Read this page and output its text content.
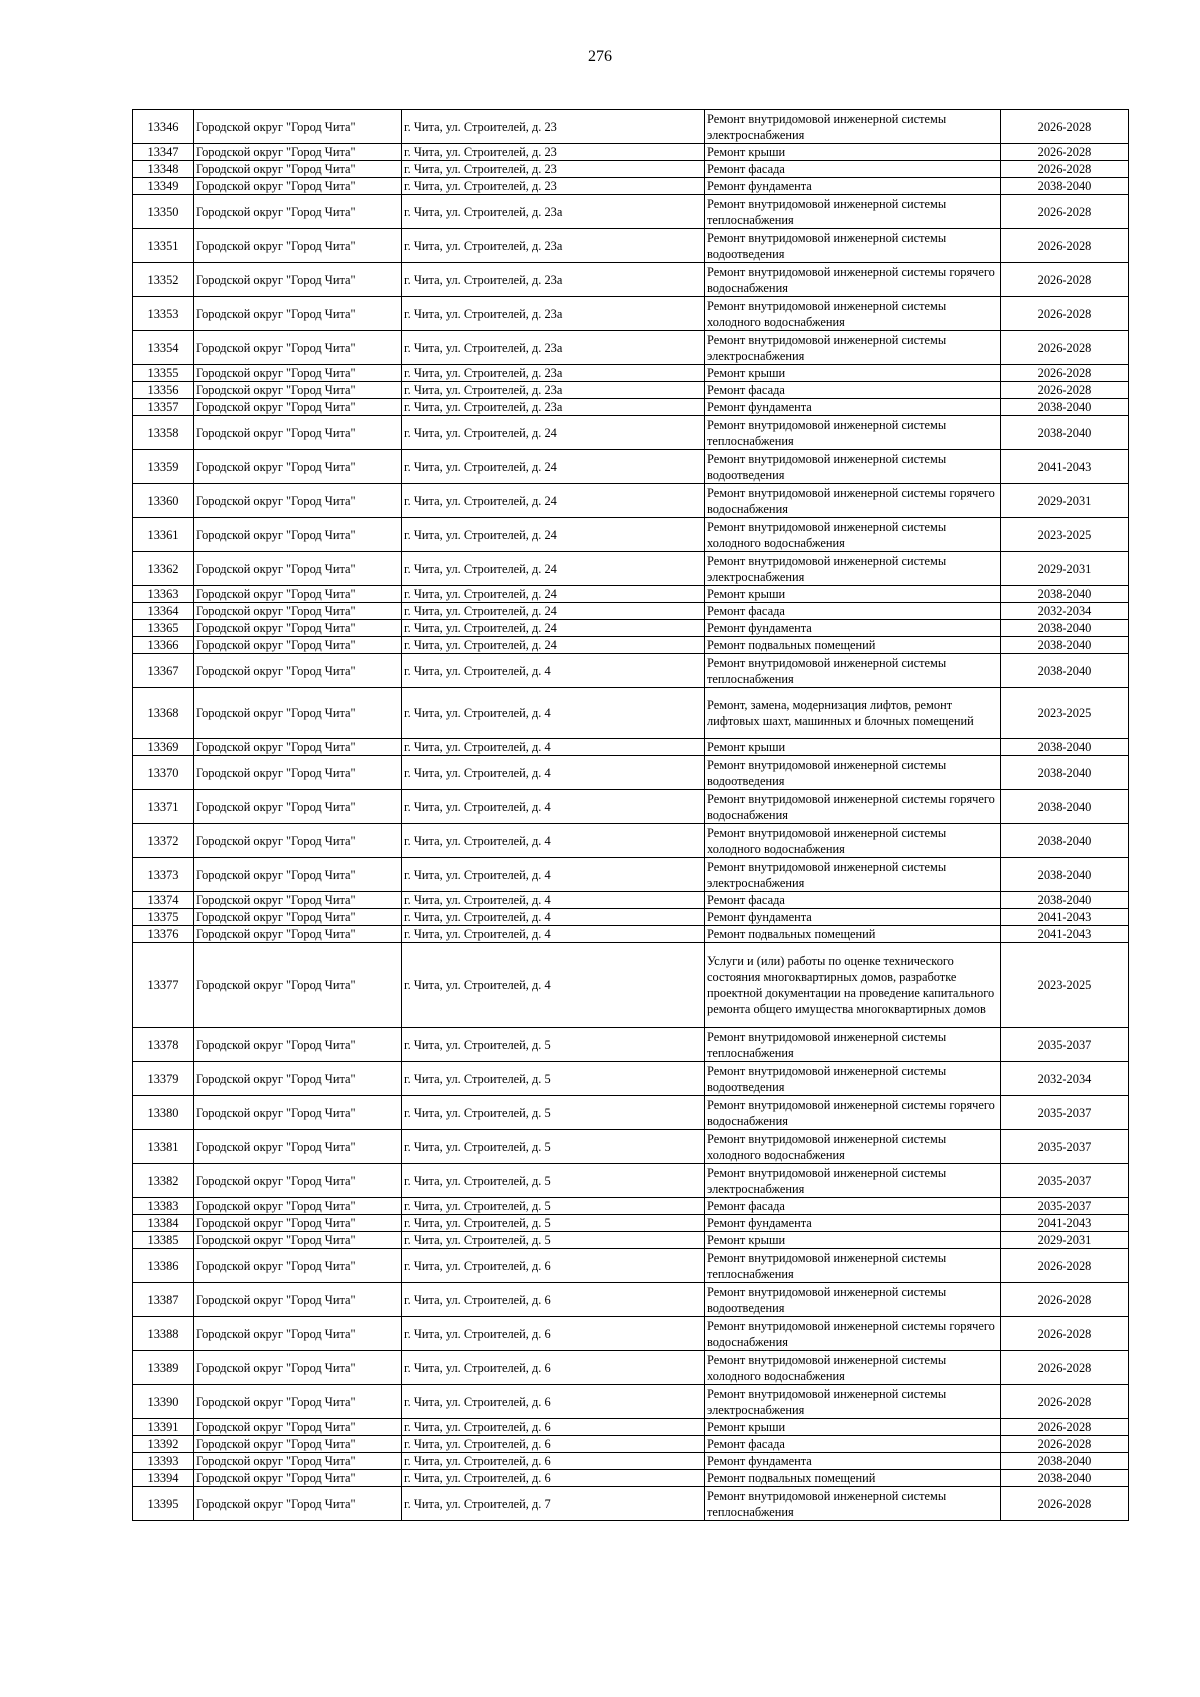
276
13346	Городской округ "Город Чита"	г. Чита, ул. Строителей, д. 23	Ремонт внутридомовой инженерной системы электроснабжения	2026-2028
13347	Городской округ "Город Чита"	г. Чита, ул. Строителей, д. 23	Ремонт крыши	2026-2028
13348	Городской округ "Город Чита"	г. Чита, ул. Строителей, д. 23	Ремонт фасада	2026-2028
13349	Городской округ "Город Чита"	г. Чита, ул. Строителей, д. 23	Ремонт фундамента	2038-2040
13350	Городской округ "Город Чита"	г. Чита, ул. Строителей, д. 23а	Ремонт внутридомовой инженерной системы теплоснабжения	2026-2028
13351	Городской округ "Город Чита"	г. Чита, ул. Строителей, д. 23а	Ремонт внутридомовой инженерной системы водоотведения	2026-2028
13352	Городской округ "Город Чита"	г. Чита, ул. Строителей, д. 23а	Ремонт внутридомовой инженерной системы горячего водоснабжения	2026-2028
13353	Городской округ "Город Чита"	г. Чита, ул. Строителей, д. 23а	Ремонт внутридомовой инженерной системы холодного водоснабжения	2026-2028
13354	Городской округ "Город Чита"	г. Чита, ул. Строителей, д. 23а	Ремонт внутридомовой инженерной системы электроснабжения	2026-2028
13355	Городской округ "Город Чита"	г. Чита, ул. Строителей, д. 23а	Ремонт крыши	2026-2028
13356	Городской округ "Город Чита"	г. Чита, ул. Строителей, д. 23а	Ремонт фасада	2026-2028
13357	Городской округ "Город Чита"	г. Чита, ул. Строителей, д. 23а	Ремонт фундамента	2038-2040
13358	Городской округ "Город Чита"	г. Чита, ул. Строителей, д. 24	Ремонт внутридомовой инженерной системы теплоснабжения	2038-2040
13359	Городской округ "Город Чита"	г. Чита, ул. Строителей, д. 24	Ремонт внутридомовой инженерной системы водоотведения	2041-2043
13360	Городской округ "Город Чита"	г. Чита, ул. Строителей, д. 24	Ремонт внутридомовой инженерной системы горячего водоснабжения	2029-2031
13361	Городской округ "Город Чита"	г. Чита, ул. Строителей, д. 24	Ремонт внутридомовой инженерной системы холодного водоснабжения	2023-2025
13362	Городской округ "Город Чита"	г. Чита, ул. Строителей, д. 24	Ремонт внутридомовой инженерной системы электроснабжения	2029-2031
13363	Городской округ "Город Чита"	г. Чита, ул. Строителей, д. 24	Ремонт крыши	2038-2040
13364	Городской округ "Город Чита"	г. Чита, ул. Строителей, д. 24	Ремонт фасада	2032-2034
13365	Городской округ "Город Чита"	г. Чита, ул. Строителей, д. 24	Ремонт фундамента	2038-2040
13366	Городской округ "Город Чита"	г. Чита, ул. Строителей, д. 24	Ремонт подвальных помещений	2038-2040
13367	Городской округ "Город Чита"	г. Чита, ул. Строителей, д. 4	Ремонт внутридомовой инженерной системы теплоснабжения	2038-2040
13368	Городской округ "Город Чита"	г. Чита, ул. Строителей, д. 4	Ремонт, замена, модернизация лифтов, ремонт лифтовых шахт, машинных и блочных помещений	2023-2025
13369	Городской округ "Город Чита"	г. Чита, ул. Строителей, д. 4	Ремонт крыши	2038-2040
13370	Городской округ "Город Чита"	г. Чита, ул. Строителей, д. 4	Ремонт внутридомовой инженерной системы водоотведения	2038-2040
13371	Городской округ "Город Чита"	г. Чита, ул. Строителей, д. 4	Ремонт внутридомовой инженерной системы горячего водоснабжения	2038-2040
13372	Городской округ "Город Чита"	г. Чита, ул. Строителей, д. 4	Ремонт внутридомовой инженерной системы холодного водоснабжения	2038-2040
13373	Городской округ "Город Чита"	г. Чита, ул. Строителей, д. 4	Ремонт внутридомовой инженерной системы электроснабжения	2038-2040
13374	Городской округ "Город Чита"	г. Чита, ул. Строителей, д. 4	Ремонт фасада	2038-2040
13375	Городской округ "Город Чита"	г. Чита, ул. Строителей, д. 4	Ремонт фундамента	2041-2043
13376	Городской округ "Город Чита"	г. Чита, ул. Строителей, д. 4	Ремонт подвальных помещений	2041-2043
13377	Городской округ "Город Чита"	г. Чита, ул. Строителей, д. 4	Услуги и (или) работы по оценке технического состояния многоквартирных домов, разработке проектной документации на проведение капитального ремонта общего имущества многоквартирных домов	2023-2025
13378	Городской округ "Город Чита"	г. Чита, ул. Строителей, д. 5	Ремонт внутридомовой инженерной системы теплоснабжения	2035-2037
13379	Городской округ "Город Чита"	г. Чита, ул. Строителей, д. 5	Ремонт внутридомовой инженерной системы водоотведения	2032-2034
13380	Городской округ "Город Чита"	г. Чита, ул. Строителей, д. 5	Ремонт внутридомовой инженерной системы горячего водоснабжения	2035-2037
13381	Городской округ "Город Чита"	г. Чита, ул. Строителей, д. 5	Ремонт внутридомовой инженерной системы холодного водоснабжения	2035-2037
13382	Городской округ "Город Чита"	г. Чита, ул. Строителей, д. 5	Ремонт внутридомовой инженерной системы электроснабжения	2035-2037
13383	Городской округ "Город Чита"	г. Чита, ул. Строителей, д. 5	Ремонт фасада	2035-2037
13384	Городской округ "Город Чита"	г. Чита, ул. Строителей, д. 5	Ремонт фундамента	2041-2043
13385	Городской округ "Город Чита"	г. Чита, ул. Строителей, д. 5	Ремонт крыши	2029-2031
13386	Городской округ "Город Чита"	г. Чита, ул. Строителей, д. 6	Ремонт внутридомовой инженерной системы теплоснабжения	2026-2028
13387	Городской округ "Город Чита"	г. Чита, ул. Строителей, д. 6	Ремонт внутридомовой инженерной системы водоотведения	2026-2028
13388	Городской округ "Город Чита"	г. Чита, ул. Строителей, д. 6	Ремонт внутридомовой инженерной системы горячего водоснабжения	2026-2028
13389	Городской округ "Город Чита"	г. Чита, ул. Строителей, д. 6	Ремонт внутридомовой инженерной системы холодного водоснабжения	2026-2028
13390	Городской округ "Город Чита"	г. Чита, ул. Строителей, д. 6	Ремонт внутридомовой инженерной системы электроснабжения	2026-2028
13391	Городской округ "Город Чита"	г. Чита, ул. Строителей, д. 6	Ремонт крыши	2026-2028
13392	Городской округ "Город Чита"	г. Чита, ул. Строителей, д. 6	Ремонт фасада	2026-2028
13393	Городской округ "Город Чита"	г. Чита, ул. Строителей, д. 6	Ремонт фундамента	2038-2040
13394	Городской округ "Город Чита"	г. Чита, ул. Строителей, д. 6	Ремонт подвальных помещений	2038-2040
13395	Городской округ "Город Чита"	г. Чита, ул. Строителей, д. 7	Ремонт внутридомовой инженерной системы теплоснабжения	2026-2028
